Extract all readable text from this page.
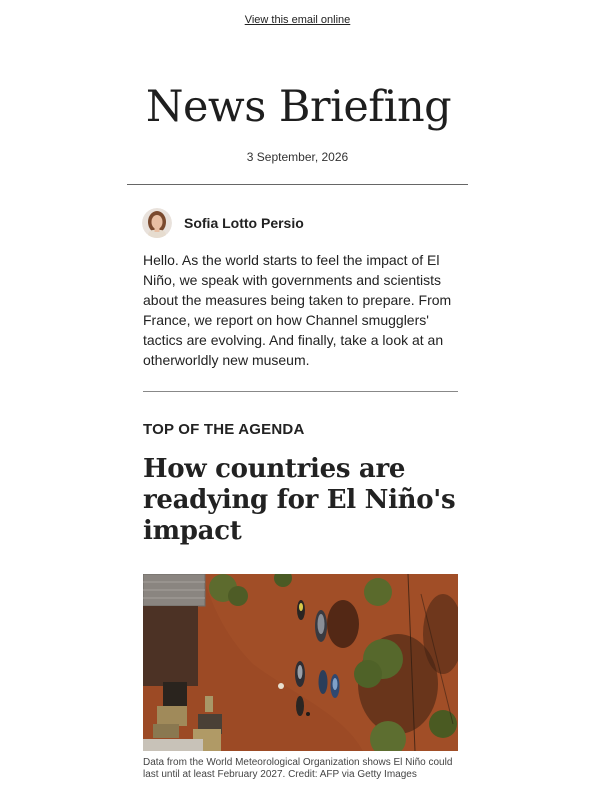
View this email online
News Briefing
3 September, 2026
Sofia Lotto Persio

Hello. As the world starts to feel the impact of El Niño, we speak with governments and scientists about the measures being taken to prepare. From France, we report on how Channel smugglers' tactics are evolving. And finally, take a look at an otherworldly new museum.

TOP OF THE AGENDA
How countries are readying for El Niño's impact

Data from the World Meteorological Organization shows El Niño could last until at least February 2027. Credit: AFP via Getty Images
